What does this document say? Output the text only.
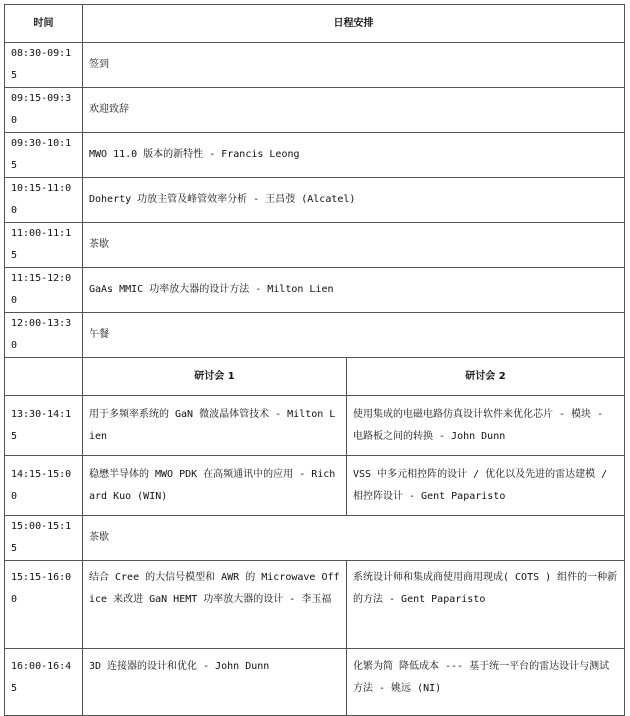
时间	日程安排	
08:30-09:15	签到	
09:15-09:30	欢迎致辞	
09:30-10:15	MWO 11.0 版本的新特性 - Francis Leong	
10:15-11:00	Doherty 功放主管及峰管效率分析 - 王昌弢 (Alcatel)	
11:00-11:15	茶歇	
11:15-12:00	GaAs MMIC 功率放大器的设计方法 - Milton Lien	
12:00-13:30	午餐	
	研讨会 1	研讨会 2
13:30-14:15	用于多频率系统的 GaN 微波晶体管技术 - Milton Lien	使用集成的电磁电路仿真设计软件来优化芯片 - 模块 - 电路板之间的转换 - John Dunn
14:15-15:00	稳懋半导体的 MWO PDK 在高频通讯中的应用 - Richard Kuo (WIN)	VSS 中多元相控阵的设计 / 优化以及先进的雷达建模 / 相控阵设计 - Gent Paparisto
15:00-15:15	茶歇	
15:15-16:00	结合 Cree 的大信号模型和 AWR 的 Microwave Office 来改进 GaN HEMT 功率放大器的设计 - 李玉福	系统设计师和集成商使用商用现成( COTS ) 组件的一种新的方法 - Gent Paparisto
16:00-16:45	3D 连接器的设计和优化 - John Dunn	化繁为简 降低成本 --- 基于统一平台的雷达设计与测试方法 - 姚远 (NI)
